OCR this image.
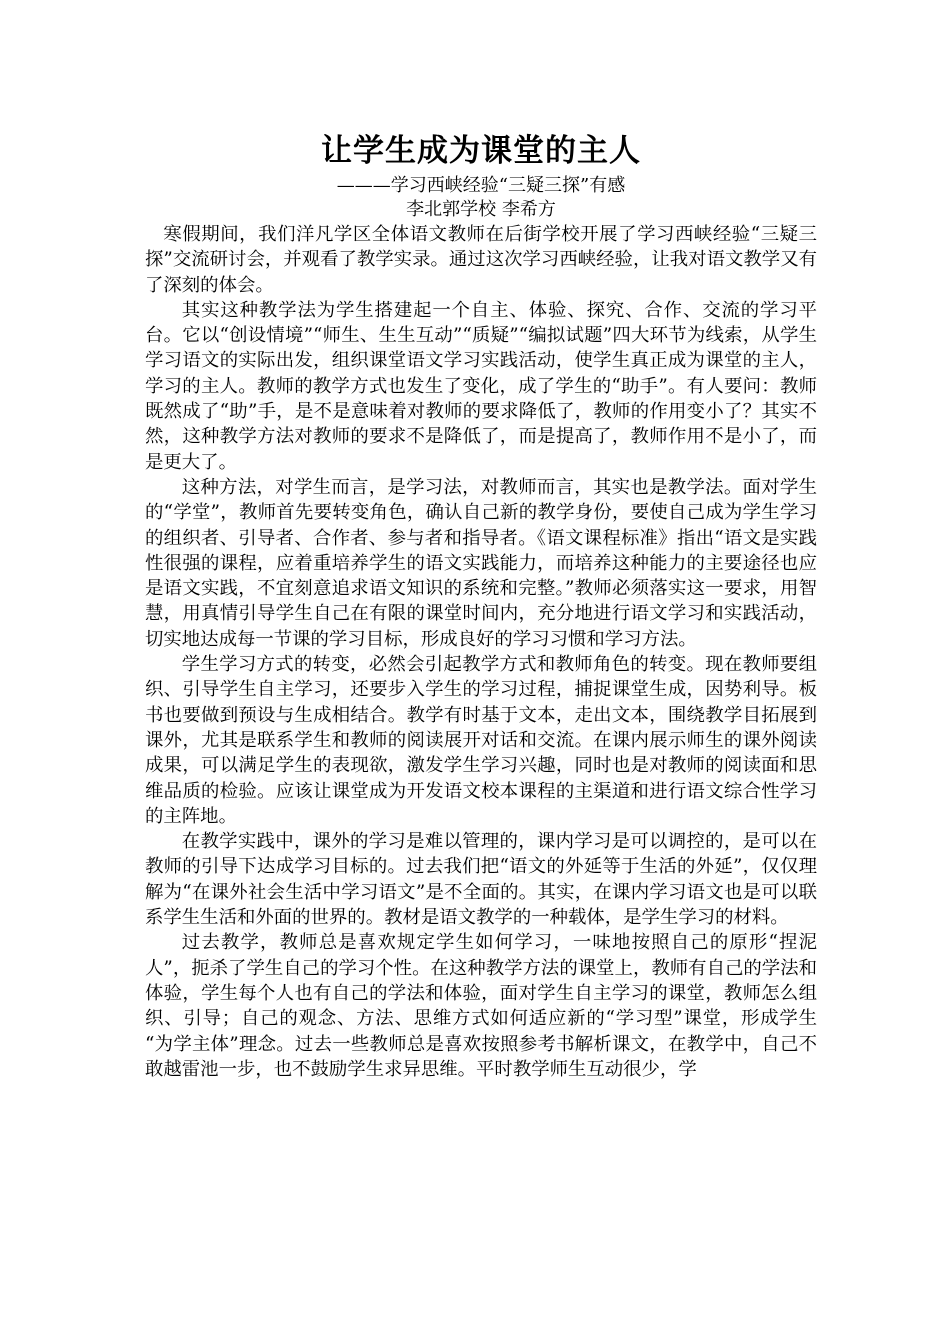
让学生成为课堂的主人
———学习西峡经验“三疑三探”有感
李北郭学校 李希方

寒假期间，我们洋凡学区全体语文教师在后街学校开展了学习西峡经验“三疑三探”交流研讨会，并观看了教学实录。通过这次学习西峡经验，让我对语文教学又有了深刻的体会。

其实这种教学法为学生搭建起一个自主、体验、探究、合作、交流的学习平台。它以“创设情境”“师生、生生互动”“质疑”“编拟试题”四大环节为线索，从学生学习语文的实际出发，组织课堂语文学习实践活动，使学生真正成为课堂的主人，学习的主人。教师的教学方式也发生了变化，成了学生的“助手”。有人要问：教师既然成了“助”手，是不是意味着对教师的要求降低了，教师的作用变小了？其实不然，这种教学方法对教师的要求不是降低了，而是提高了，教师作用不是小了，而是更大了。

这种方法，对学生而言，是学习法，对教师而言，其实也是教学法。面对学生的“学堂”，教师首先要转变角色，确认自己新的教学身份，要使自己成为学生学习的组织者、引导者、合作者、参与者和指导者。《语文课程标准》指出“语文是实践性很强的课程，应着重培养学生的语文实践能力，而培养这种能力的主要途径也应是语文实践，不宜刻意追求语文知识的系统和完整。”教师必须落实这一要求，用智慧，用真情引导学生自己在有限的课堂时间内，充分地进行语文学习和实践活动，切实地达成每一节课的学习目标，形成良好的学习习惯和学习方法。

学生学习方式的转变，必然会引起教学方式和教师角色的转变。现在教师要组织、引导学生自主学习，还要步入学生的学习过程，捕捉课堂生成，因势利导。板书也要做到预设与生成相结合。教学有时基于文本，走出文本，围绕教学目拓展到课外，尤其是联系学生和教师的阅读展开对话和交流。在课内展示师生的课外阅读成果，可以满足学生的表现欲，激发学生学习兴趣，同时也是对教师的阅读面和思维品质的检验。应该让课堂成为开发语文校本课程的主渠道和进行语文综合性学习的主阵地。

在教学实践中，课外的学习是难以管理的，课内学习是可以调控的，是可以在教师的引导下达成学习目标的。过去我们把“语文的外延等于生活的外延”，仅仅理解为“在课外社会生活中学习语文”是不全面的。其实，在课内学习语文也是可以联系学生生活和外面的世界的。教材是语文教学的一种载体，是学生学习的材料。

过去教学，教师总是喜欢规定学生如何学习，一味地按照自己的原形“捏泥人”，扼杀了学生自己的学习个性。在这种教学方法的课堂上，教师有自己的学法和体验，学生每个人也有自己的学法和体验，面对学生自主学习的课堂，教师怎么组织、引导；自己的观念、方法、思维方式如何适应新的“学习型”课堂，形成学生 “为学主体”理念。过去一些教师总是喜欢按照参考书解析课文，在教学中，自己不敢越雷池一步，也不鼓励学生求异思维。平时教学师生互动很少，学
